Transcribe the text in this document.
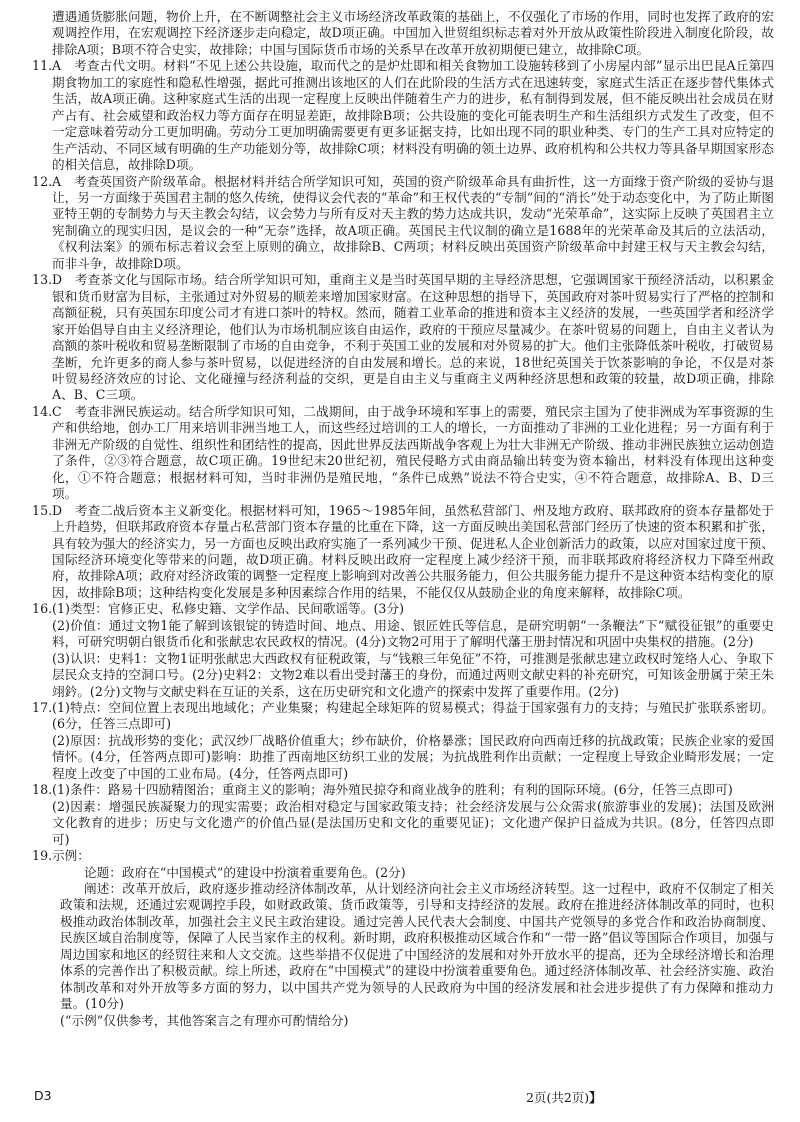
遭遇通货膨胀问题，物价上升，在不断调整社会主义市场经济改革政策的基础上，不仅强化了市场的作用，同时也发挥了政府的宏观调控作用，在宏观调控下经济逐步走向稳定，故D项正确。中国加入世贸组织标志着对外开放从政策性阶段进入制度化阶段，故排除A项；B项不符合史实，故排除；中国与国际货币市场的关系早在改革开放初期便已建立，故排除C项。

11. A　考查古代文明。材料“不见上述公共设施，取而代之的是炉灶即和相关食物加工设施转移到了小房屋内部”显示出巴昆A丘第四期食物加工的家庭性和隐私性增强，据此可推测出该地区的人们在此阶段的生活方式在迅速转变，家庭式生活正在逐步替代集体式生活，故A项正确。这种家庭式生活的出现一定程度上反映出伴随着生产力的进步，私有制得到发展，但不能反映出社会成员在财产占有、社会威望和政治权力等方面存在明显差距，故排除B项；公共设施的变化可能表明生产和生活组织方式发生了改变，但不一定意味着劳动分工更加明确。劳动分工更加明确需要更有更多证据支持，比如出现不同的职业种类、专门的生产工具对应特定的生产活动、不同区域有明确的生产功能划分等，故排除C项；材料没有明确的领土边界、政府机构和公共权力等具备早期国家形态的相关信息，故排除D项。
12. A　考查英国资产阶级革命。根据材料并结合所学知识可知，英国的资产阶级革命具有曲折性，这一方面缘于资产阶级的妥协与退让，另一方面缘于英国君主制的悠久传统，使得议会代表的“革命”和王权代表的“专制”间的“消长”处于动态变化中，为了防止斯图亚特王朝的专制势力与天主教会勾结，议会势力与所有反对天主教的势力达成共识，发动“光荣革命”，这实际上反映了英国君主立宪制确立的现实归因，是议会的一种“无奈”选择，故A项正确。英国民主代议制的确立是1688年的光荣革命及其后的立法活动，《权利法案》的颁布标志着议会至上原则的确立，故排除B、C两项；材料反映出英国资产阶级革命中封建王权与天主教会勾结，而非斗争，故排除D项。
13. D　考查茶文化与国际市场。结合所学知识可知，重商主义是当时英国早期的主导经济思想，它强调国家干预经济活动，以积累金银和货币财富为目标，主张通过对外贸易的顺差来增加国家财富。在这种思想的指导下，英国政府对茶叶贸易实行了严格的控制和高额征税，只有英国东印度公司才有进口茶叶的特权。然而，随着工业革命的推进和资本主义经济的发展，一些英国学者和经济学家开始倡导自由主义经济理论，他们认为市场机制应该自由运作，政府的干预应尽量减少。在茶叶贸易的问题上，自由主义者认为高额的茶叶税收和贸易垄断限制了市场的自由竞争，不利于英国工业的发展和对外贸易的扩大。他们主张降低茶叶税收，打破贸易垄断，允许更多的商人参与茶叶贸易，以促进经济的自由发展和增长。总的来说，18世纪英国关于饮茶影响的争论，不仅是对茶叶贸易经济效应的讨论、文化碰撞与经济利益的交织，更是自由主义与重商主义两种经济思想和政策的较量，故D项正确，排除A、B、C三项。
14. C　考查非洲民族运动。结合所学知识可知，二战期间，由于战争环境和军事上的需要，殖民宗主国为了使非洲成为军事资源的生产和供给地，创办工厂用来培训非洲当地工人，而这些经过培训的工人的增长，一方面推动了非洲的工业化进程；另一方面有利于非洲无产阶级的自觉性、组织性和团结性的提高，因此世界反法西斯战争客观上为壮大非洲无产阶级、推动非洲民族独立运动创造了条件，②③符合题意，故C项正确。19世纪末20世纪初，殖民侵略方式由商品输出转变为资本输出，材料没有体现出这种变化，①不符合题意；根据材料可知，当时非洲仍是殖民地，“条件已成熟”说法不符合史实，④不符合题意，故排除A、B、D三项。
15. D　考查二战后资本主义新变化。根据材料可知，1965～1985年间，虽然私营部门、州及地方政府、联邦政府的资本存量都处于上升趋势，但联邦政府资本存量占私营部门资本存量的比重在下降，这一方面反映出美国私营部门经历了快速的资本积累和扩张，具有较为强大的经济实力，另一方面也反映出政府实施了一系列减少干预、促进私人企业创新活力的政策，以应对国家过度干预、国际经济环境变化等带来的问题，故D项正确。材料反映出政府一定程度上减少经济干预，而非联邦政府将经济权力下降至州政府，故排除A项；政府对经济政策的调整一定程度上影响到对改善公共服务能力，但公共服务能力提升不是这种资本结构变化的原因，故排除B项；这种结构变化发展是多种因素综合作用的结果，不能仅仅从鼓励企业的角度来解释，故排除C项。
16. (1)类型：官修正史、私修史籍、文学作品、民间歌谣等。(3分)

(2)价值：通过文物1能了解到该银锭的铸造时间、地点、用途、银匠姓氏等信息，是研究明朝“一条鞭法”下“赋役征银”的重要史料，可研究明朝白银货币化和张献忠农民政权的情况。(4分)文物2可用于了解明代藩王册封情况和巩固中央集权的措施。(2分)

(3)认识：史料1：文物1证明张献忠大西政权有征税政策，与“钱粮三年免征”不符，可推测是张献忠建立政权时笼络人心、争取下层民众支持的空洞口号。(2分)史料2：文物2难以看出受封藩王的身份，而通过两则文献史料的补充研究，可知该金册属于荣王朱翊鈐。(2分)文物与文献史料在互证的关系，这在历史研究和文化遗产的探索中发挥了重要作用。(2分)

17. (1)特点：空间位置上表现出地域化；产业集聚；构建起全球矩阵的贸易模式；得益于国家强有力的支持；与殖民扩张联系密切。(6分，任答三点即可)

(2)原因：抗战形势的变化；武汉纱厂战略价值重大；纱布缺价，价格暴涨；国民政府向西南迁移的抗战政策；民族企业家的爱国情怀。(4分，任答两点即可)影响：助推了西南地区纺织工业的发展；为抗战胜利作出贡献；一定程度上导致企业畸形发展；一定程度上改变了中国的工业布局。(4分，任答两点即可)

18. (1)条件：路易十四励精图治；重商主义的影响；海外殖民掠夺和商业战争的胜利；有利的国际环境。(6分，任答三点即可)

(2)因素：增强民族凝聚力的现实需要；政治相对稳定与国家政策支持；社会经济发展与公众需求(旅游事业的发展)；法国及欧洲文化教育的进步；历史与文化遗产的价值凸显(是法国历史和文化的重要见证)；文化遗产保护日益成为共识。(8分，任答四点即可)

19. 示例：

论题：政府在“中国模式”的建设中扮演着重要角色。(2分)

阐述：改革开放后，政府逐步推动经济体制改革，从计划经济向社会主义市场经济转型。这一过程中，政府不仅制定了相关政策和法规，还通过宏观调控手段，如财政政策、货币政策等，引导和支持经济的发展。政府在推进经济体制改革的同时，也积极推动政治体制改革，加强社会主义民主政治建设。通过完善人民代表大会制度、中国共产党领导的多党合作和政治协商制度、民族区域自治制度等，保障了人民当家作主的权利。新时期，政府积极推动区域合作和“一带一路”倡议等国际合作项目，加强与周边国家和地区的经贸往来和人文交流。这些举措不仅促进了中国经济的发展和对外开放水平的提高，还为全球经济增长和治理体系的完善作出了积极贡献。综上所述，政府在“中国模式”的建设中扮演着重要角色。通过经济体制改革、社会经济实施、政治体制改革和对外开放等多方面的努力，以中国共产党为领导的人民政府为中国的经济发展和社会进步提供了有力保障和推动力量。(10分)

(“示例”仅供参考，其他答案言之有理亦可酌情给分)

D3	2页(共2页)】
